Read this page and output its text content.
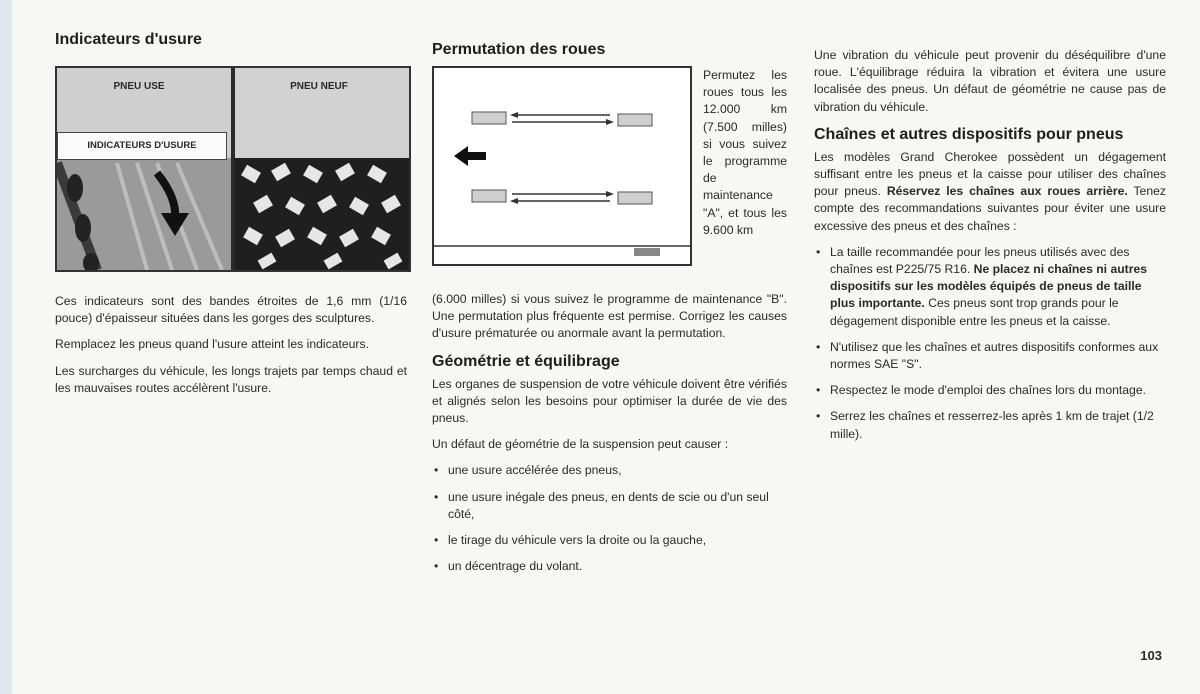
Indicateurs d'usure
PNEU USE	PNEU NEUF
INDICATEURS D'USURE

Ces indicateurs sont des bandes étroites de 1,6 mm (1/16 pouce) d'épaisseur situées dans les gorges des sculptures.

Remplacez les pneus quand l'usure atteint les indicateurs.

Les surcharges du véhicule, les longs trajets par temps chaud et les mauvaises routes accélèrent l'usure.

Permutation des roues
Permutez les roues tous les 12.000 km (7.500 milles) si vous suivez le programme de maintenance "A", et tous les 9.600 km

(6.000 milles) si vous suivez le programme de maintenance "B". Une permutation plus fréquente est permise. Corrigez les causes d'usure prématurée ou anormale avant la permutation.

Géométrie et équilibrage

Les organes de suspension de votre véhicule doivent être vérifiés et alignés selon les besoins pour optimiser la durée de vie des pneus.

Un défaut de géométrie de la suspension peut causer :

• une usure accélérée des pneus,
• une usure inégale des pneus, en dents de scie ou d'un seul côté,
• le tirage du véhicule vers la droite ou la gauche,
• un décentrage du volant.

Une vibration du véhicule peut provenir du déséquilibre d'une roue. L'équilibrage réduira la vibration et évitera une usure localisée des pneus. Un défaut de géométrie ne cause pas de vibration du véhicule.

Chaînes et autres dispositifs pour pneus

Les modèles Grand Cherokee possèdent un dégagement suffisant entre les pneus et la caisse pour utiliser des chaînes pour pneus. Réservez les chaînes aux roues arrière. Tenez compte des recommandations suivantes pour éviter une usure excessive des pneus et des chaînes :

• La taille recommandée pour les pneus utilisés avec des chaînes est P225/75 R16. Ne placez ni chaînes ni autres dispositifs sur les modèles équipés de pneus de taille plus importante. Ces pneus sont trop grands pour le dégagement disponible entre les pneus et la caisse.
• N'utilisez que les chaînes et autres dispositifs conformes aux normes SAE "S".
• Respectez le mode d'emploi des chaînes lors du montage.
• Serrez les chaînes et resserrez-les après 1 km de trajet (1/2 mille).
103
